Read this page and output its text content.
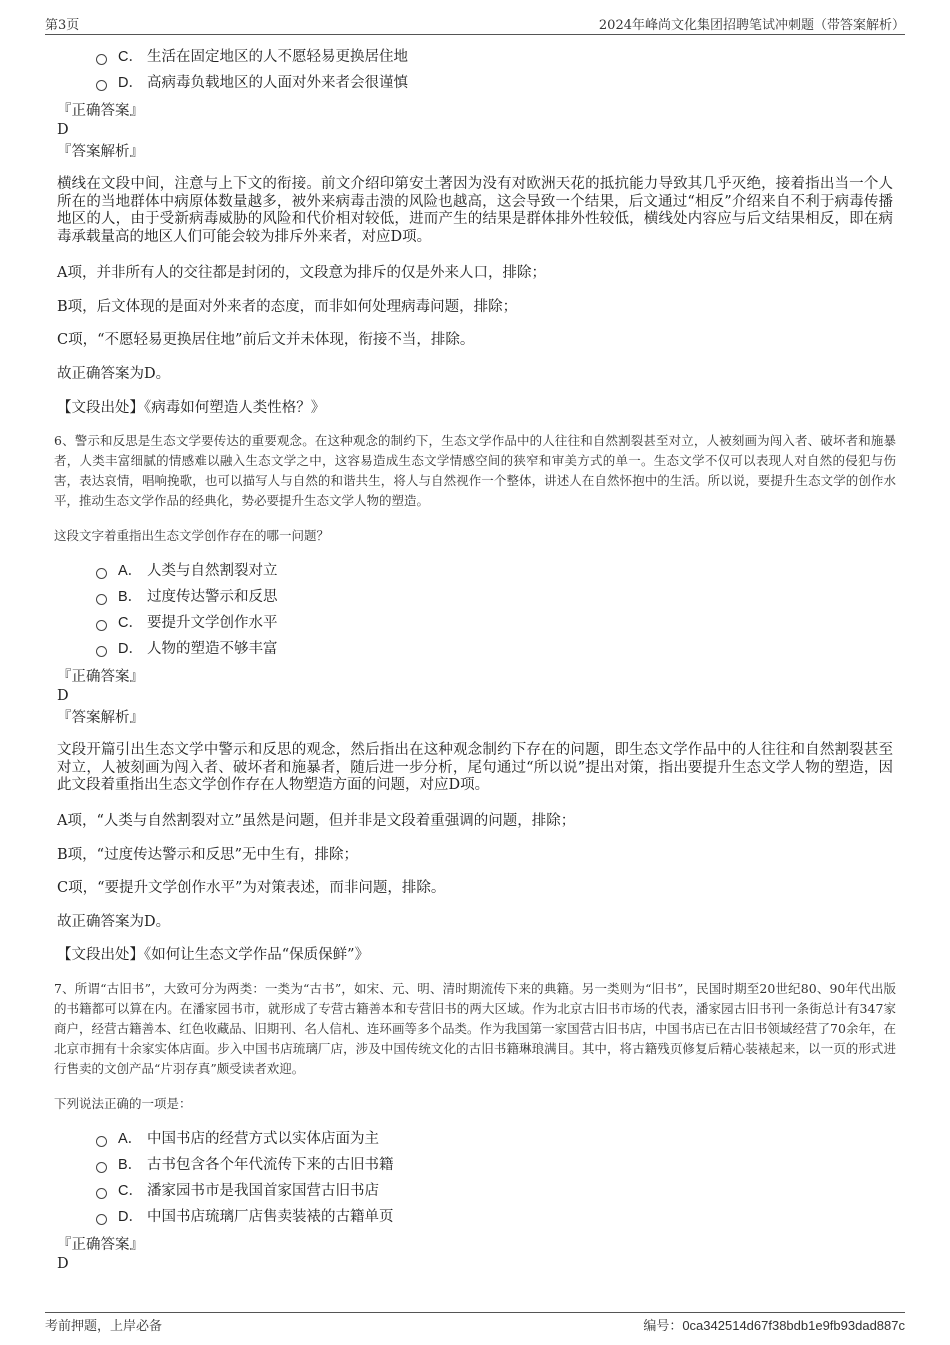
第3页	2024年峰尚文化集团招聘笔试冲刺题（带答案解析）
C． 生活在固定地区的人不愿轻易更换居住地
D． 高病毒负载地区的人面对外来者会很谨慎
『正确答案』
D
『答案解析』
横线在文段中间，注意与上下文的衔接。前文介绍印第安土著因为没有对欧洲天花的抵抗能力导致其几乎灭绝，接着指出当一个人所在的当地群体中病原体数量越多，被外来病毒击溃的风险也越高，这会导致一个结果，后文通过“相反”介绍来自不利于病毒传播地区的人，由于受新病毒威胁的风险和代价相对较低，进而产生的结果是群体排外性较低，横线处内容应与后文结果相反，即在病毒承载量高的地区人们可能会较为排斥外来者，对应D项。
A项，并非所有人的交往都是封闭的，文段意为排斥的仅是外来人口，排除；
B项，后文体现的是面对外来者的态度，而非如何处理病毒问题，排除；
C项，“不愿轻易更换居住地”前后文并未体现，衔接不当，排除。
故正确答案为D。
【文段出处】《病毒如何塑造人类性格？》
6、警示和反思是生态文学要传达的重要观念。在这种观念的制约下，生态文学作品中的人往往和自然割裂甚至对立，人被刻画为闯入者、破坏者和施暴者，人类丰富细腻的情感难以融入生态文学之中，这容易造成生态文学情感空间的狭窄和审美方式的单一。生态文学不仅可以表现人对自然的侵犯与伤害，表达哀情，唱响挽歌，也可以描写人与自然的和谐共生，将人与自然视作一个整体，讲述人在自然怀抱中的生活。所以说，要提升生态文学的创作水平，推动生态文学作品的经典化，势必要提升生态文学人物的塑造。
这段文字着重指出生态文学创作存在的哪一问题？
A． 人类与自然割裂对立
B． 过度传达警示和反思
C． 要提升文学创作水平
D． 人物的塑造不够丰富
『正确答案』
D
『答案解析』
文段开篇引出生态文学中警示和反思的观念，然后指出在这种观念制约下存在的问题，即生态文学作品中的人往往和自然割裂甚至对立，人被刻画为闯入者、破坏者和施暴者，随后进一步分析，尾句通过“所以说”提出对策，指出要提升生态文学人物的塑造，因此文段着重指出生态文学创作存在人物塑造方面的问题，对应D项。
A项，“人类与自然割裂对立”虽然是问题，但并非是文段着重强调的问题，排除；
B项，“过度传达警示和反思”无中生有，排除；
C项，“要提升文学创作水平”为对策表述，而非问题，排除。
故正确答案为D。
【文段出处】《如何让生态文学作品“保质保鲜”》
7、所谓“古旧书”，大致可分为两类：一类为“古书”，如宋、元、明、清时期流传下来的典籍。另一类则为“旧书”，民国时期至20世纪80、90年代出版的书籍都可以算在内。在潘家园书市，就形成了专营古籍善本和专营旧书的两大区域。作为北京古旧书市场的代表，潘家园古旧书刊一条街总计有347家商户，经营古籍善本、红色收藏品、旧期刊、名人信札、连环画等多个品类。作为我国第一家国营古旧书店，中国书店已在古旧书领域经营了70余年，在北京市拥有十余家实体店面。步入中国书店琉璃厂店，涉及中国传统文化的古旧书籍琳琅满目。其中，将古籍残页修复后精心装裱起来，以一页的形式进行售卖的文创产品“片羽存真”颇受读者欢迎。
下列说法正确的一项是：
A． 中国书店的经营方式以实体店面为主
B． 古书包含各个年代流传下来的古旧书籍
C． 潘家园书市是我国首家国营古旧书店
D． 中国书店琉璃厂店售卖装裱的古籍单页
『正确答案』
D
考前押题，上岸必备	编号：0ca342514d67f38bdb1e9fb93dad887c
